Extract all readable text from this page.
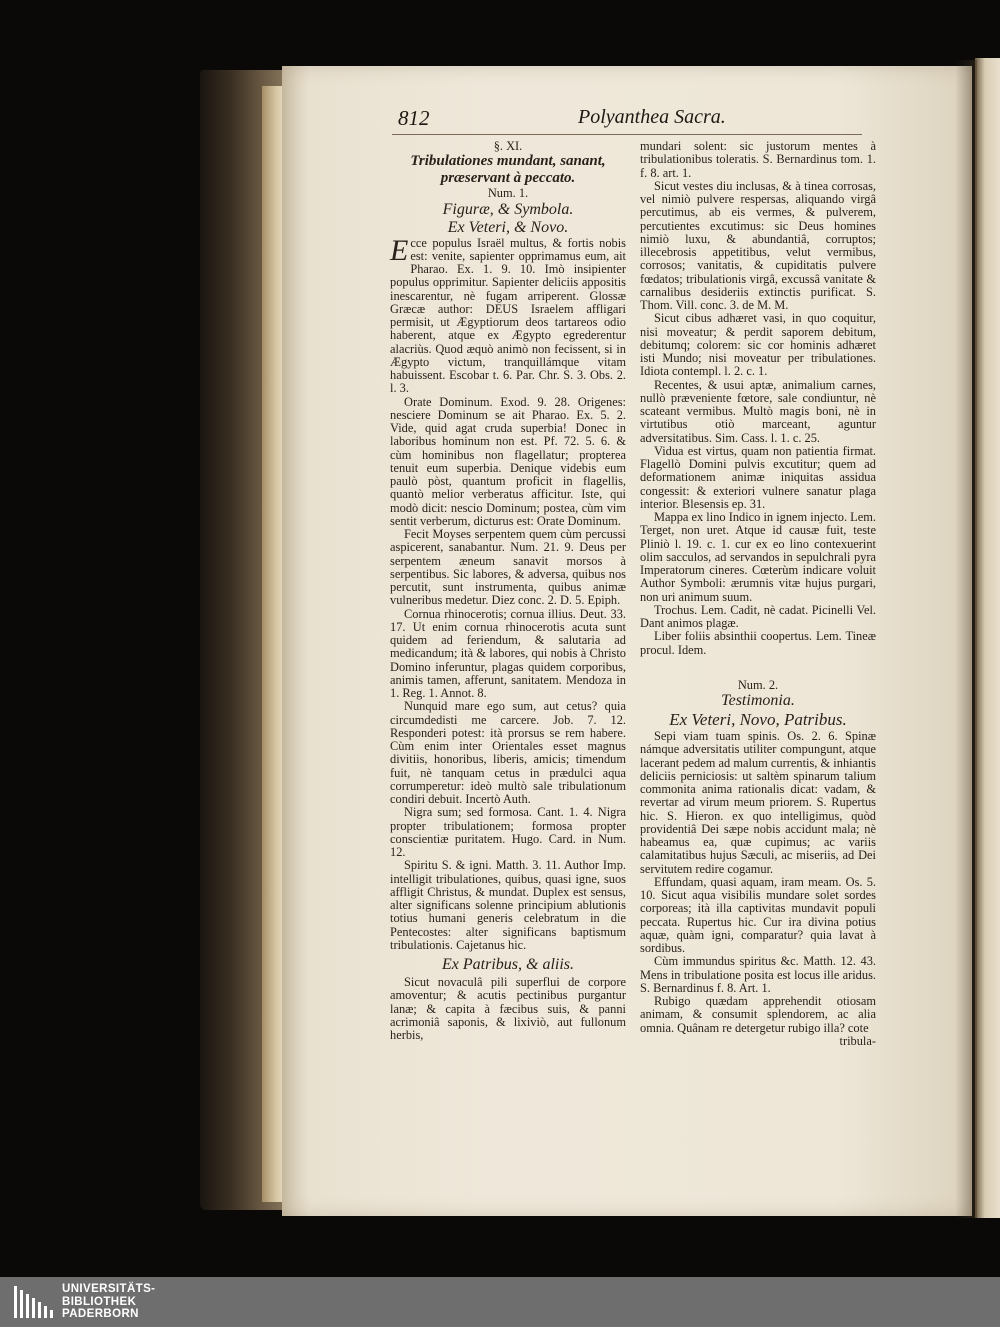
812	Polyanthea Sacra.

§. XI.

Tribulationes mundant, sanant, præservant à peccato.

Num. 1.

Figuræ, & Symbola.

Ex Veteri, & Novo.

Ecce populus Israël multus, & fortis nobis est: venite, sapienter opprimamus eum, ait Pharao. Ex. 1. 9. 10. Imò insipienter populus opprimitur. Sapienter deliciis appositis inescarentur, nè fugam arriperent. Glossæ Græcæ author: DEUS Israelem affligari permisit, ut Ægyptiorum deos tartareos odio haberent, atque ex Ægypto egrederentur alacriùs. Quod æquò animò non fecissent, si in Ægypto victum, tranquillámque vitam habuissent. Escobar t. 6. Par. Chr. S. 3. Obs. 2. l. 3.

Orate Dominum. Exod. 9. 28. Origenes: nesciere Dominum se ait Pharao. Ex. 5. 2. Vide, quid agat cruda superbia! Donec in laboribus hominum non est. Pf. 72. 5. 6. & cùm hominibus non flagellatur; propterea tenuit eum superbia. Denique videbis eum paulò pòst, quantum proficit in flagellis, quantò melior verberatus afficitur. Iste, qui modò dicit: nescio Dominum; postea, cùm vim sentit verberum, dicturus est: Orate Dominum.

Fecit Moyses serpentem quem cùm percussi aspicerent, sanabantur. Num. 21. 9. Deus per serpentem æneum sanavit morsos à serpentibus. Sic labores, & adversa, quibus nos percutit, sunt instrumenta, quibus animæ vulneribus medetur. Diez conc. 2. D. 5. Epiph.

Cornua rhinocerotis; cornua illius. Deut. 33. 17. Ut enim cornua rhinocerotis acuta sunt quidem ad feriendum, & salutaria ad medicandum; ità & labores, qui nobis à Christo Domino inferuntur, plagas quidem corporibus, animis tamen, afferunt, sanitatem. Mendoza in 1. Reg. 1. Annot. 8.

Nunquid mare ego sum, aut cetus? quia circumdedisti me carcere. Job. 7. 12. Responderi potest: ità prorsus se rem habere. Cùm enim inter Orientales esset magnus divitiis, honoribus, liberis, amicis; timendum fuit, nè tanquam cetus in prædulci aqua corrumperetur: ideò multò sale tribulationum condiri debuit. Incertò Auth.

Nigra sum; sed formosa. Cant. 1. 4. Nigra propter tribulationem; formosa propter conscientiæ puritatem. Hugo. Card. in Num. 12.

Spiritu S. & igni. Matth. 3. 11. Author Imp. intelligit tribulationes, quibus, quasi igne, suos affligit Christus, & mundat. Duplex est sensus, alter significans solenne principium ablutionis totius humani generis celebratum in die Pentecostes: alter significans baptismum tribulationis. Cajetanus hic.

Ex Patribus, & aliis.

Sicut novaculâ pili superflui de corpore amoventur; & acutis pectinibus purgantur lanæ; & capita à fæcibus suis, & panni acrimoniâ saponis, & lixiviò, aut fullonum herbis,

mundari solent: sic justorum mentes à tribulationibus toleratis. S. Bernardinus tom. 1. f. 8. art. 1.

Sicut vestes diu inclusas, & à tinea corrosas, vel nimiò pulvere respersas, aliquando virgâ percutimus, ab eis vermes, & pulverem, percutientes excutimus: sic Deus homines nimiò luxu, & abundantiâ, corruptos; illecebrosis appetitibus, velut vermibus, corrosos; vanitatis, & cupiditatis pulvere fœdatos; tribulationis virgâ, excussâ vanitate & carnalibus desideriis extinctis purificat. S. Thom. Vill. conc. 3. de M. M.

Sicut cibus adhæret vasi, in quo coquitur, nisi moveatur; & perdit saporem debitum, debitumq; colorem: sic cor hominis adhæret isti Mundo; nisi moveatur per tribulationes. Idiota contempl. l. 2. c. 1.

Recentes, & usui aptæ, animalium carnes, nullò præveniente fœtore, sale condiuntur, nè scateant vermibus. Multò magis boni, nè in virtutibus otiò marceant, aguntur adversitatibus. Sim. Cass. l. 1. c. 25.

Vidua est virtus, quam non patientia firmat. Flagellò Domini pulvis excutitur; quem ad deformationem animæ iniquitas assidua congessit: & exteriori vulnere sanatur plaga interior. Blesensis ep. 31.

Mappa ex lino Indico in ignem injecto. Lem. Terget, non uret. Atque id causæ fuit, teste Pliniò l. 19. c. 1. cur ex eo lino contexuerint olim sacculos, ad servandos in sepulchrali pyra Imperatorum cineres. Cœterùm indicare voluit Author Symboli: ærumnis vitæ hujus purgari, non uri animum suum.

Trochus. Lem. Cadit, nè cadat. Picinelli Vel. Dant animos plagæ.

Liber foliis absinthii coopertus. Lem. Tineæ procul. Idem.

Num. 2.

Testimonia.

Ex Veteri, Novo, Patribus.

Sepi viam tuam spinis. Os. 2. 6. Spinæ námque adversitatis utiliter compungunt, atque lacerant pedem ad malum currentis, & inhiantis deliciis perniciosis: ut saltèm spinarum talium commonita anima rationalis dicat: vadam, & revertar ad virum meum priorem. S. Rupertus hic. S. Hieron. ex quo intelligimus, quòd providentiâ Dei sæpe nobis accidunt mala; nè habeamus ea, quæ cupimus; ac variis calamitatibus hujus Sæculi, ac miseriis, ad Dei servitutem redire cogamur.

Effundam, quasi aquam, iram meam. Os. 5. 10. Sicut aqua visibilis mundare solet sordes corporeas; ità illa captivitas mundavit populi peccata. Rupertus hic. Cur ira divina potius aquæ, quàm igni, comparatur? quia lavat à sordibus.

Cùm immundus spiritus &c. Matth. 12. 43. Mens in tribulatione posita est locus ille aridus. S. Bernardinus f. 8. Art. 1.

Rubigo quædam apprehendit otiosam animam, & consumit splendorem, ac alia omnia. Quânam re detergetur rubigo illa? cote

tribula-

UNIVERSITÄTS-
BIBLIOTHEK
PADERBORN
